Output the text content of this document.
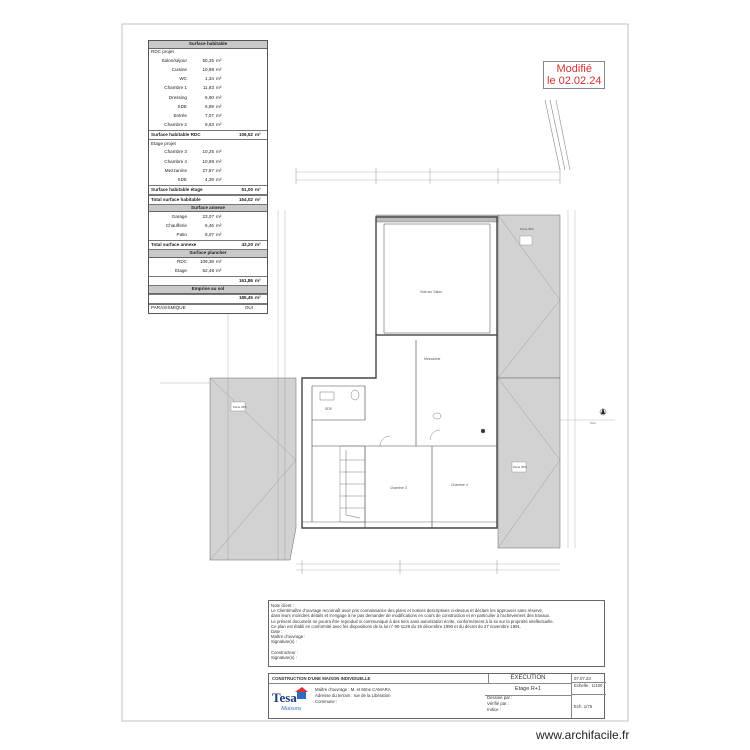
Vide sur Salon
Mezzanine
Chambre 3
Chambre 4
SDE
Pente 35%
Pente 35%
Pente 35%
Nord
Surface habitable
RDC projet
Salon/séjour	50,35 m²
Cuisine	10,88 m²
WC	1,34 m²
Chambre 1	11,83 m²
Dressing	6,90 m²
SDE	6,89 m²
Entrée	7,07 m²
Chambre 2	9,63 m²
Surface habitable RDC	106,52 m²
Etage projet
Chambre 3	10,25 m²
Chambre 4	10,89 m²
Mezzanine	27,87 m²
SDE	4,39 m²
Surface habitable étage	51,00 m²
Total surface habitable	154,02 m²
Surface annexe
Garage	23,07 m²
Chaufferie	6,46 m²
Patio	8,07 m²
Total surface annexe	43,20 m²
Surface plancher
RDC	109,38 m²
Etage	52,48 m²
161,86 m²
Emprise au sol
185,45 m²
PARASISMIQUE	OUI
Modifié
le 02.02.24
Note client :
Le Client/maître d'ouvrage reconnaît avoir pris connaissance des plans et notices descriptives ci-dessus et déclare les approuver sans réserve,
dans leurs moindres détails et s'engage à ne pas demander de modifications en cours de construction et en particulier à l'achèvement des travaux.
Le présent document ne pourra être reproduit ni communiqué à des tiers sans autorisation écrite, conformément à la loi sur la propriété intellectuelle.
Ce plan est établi en conformité avec les dispositions de la loi n° 90-1129 du 19 décembre 1990 et du décret du 27 novembre 1991.
Date :
Maître d'ouvrage :
Signature(s) :

Constructeur :
Signature(s) :
CONSTRUCTION D'UNE MAISON INDIVIDUELLE
Tesa
Maisons
Maître d'ouvrage : M. et Mme CAMARA
Adresse du terrain : rue de la Libération
Commune :
EXECUTION	07.07.23
Etage R+1
Echelle : 1/100
Dessiné par :
Vérifié par :
Indice :
Ech. 1/75
www.archifacile.fr
